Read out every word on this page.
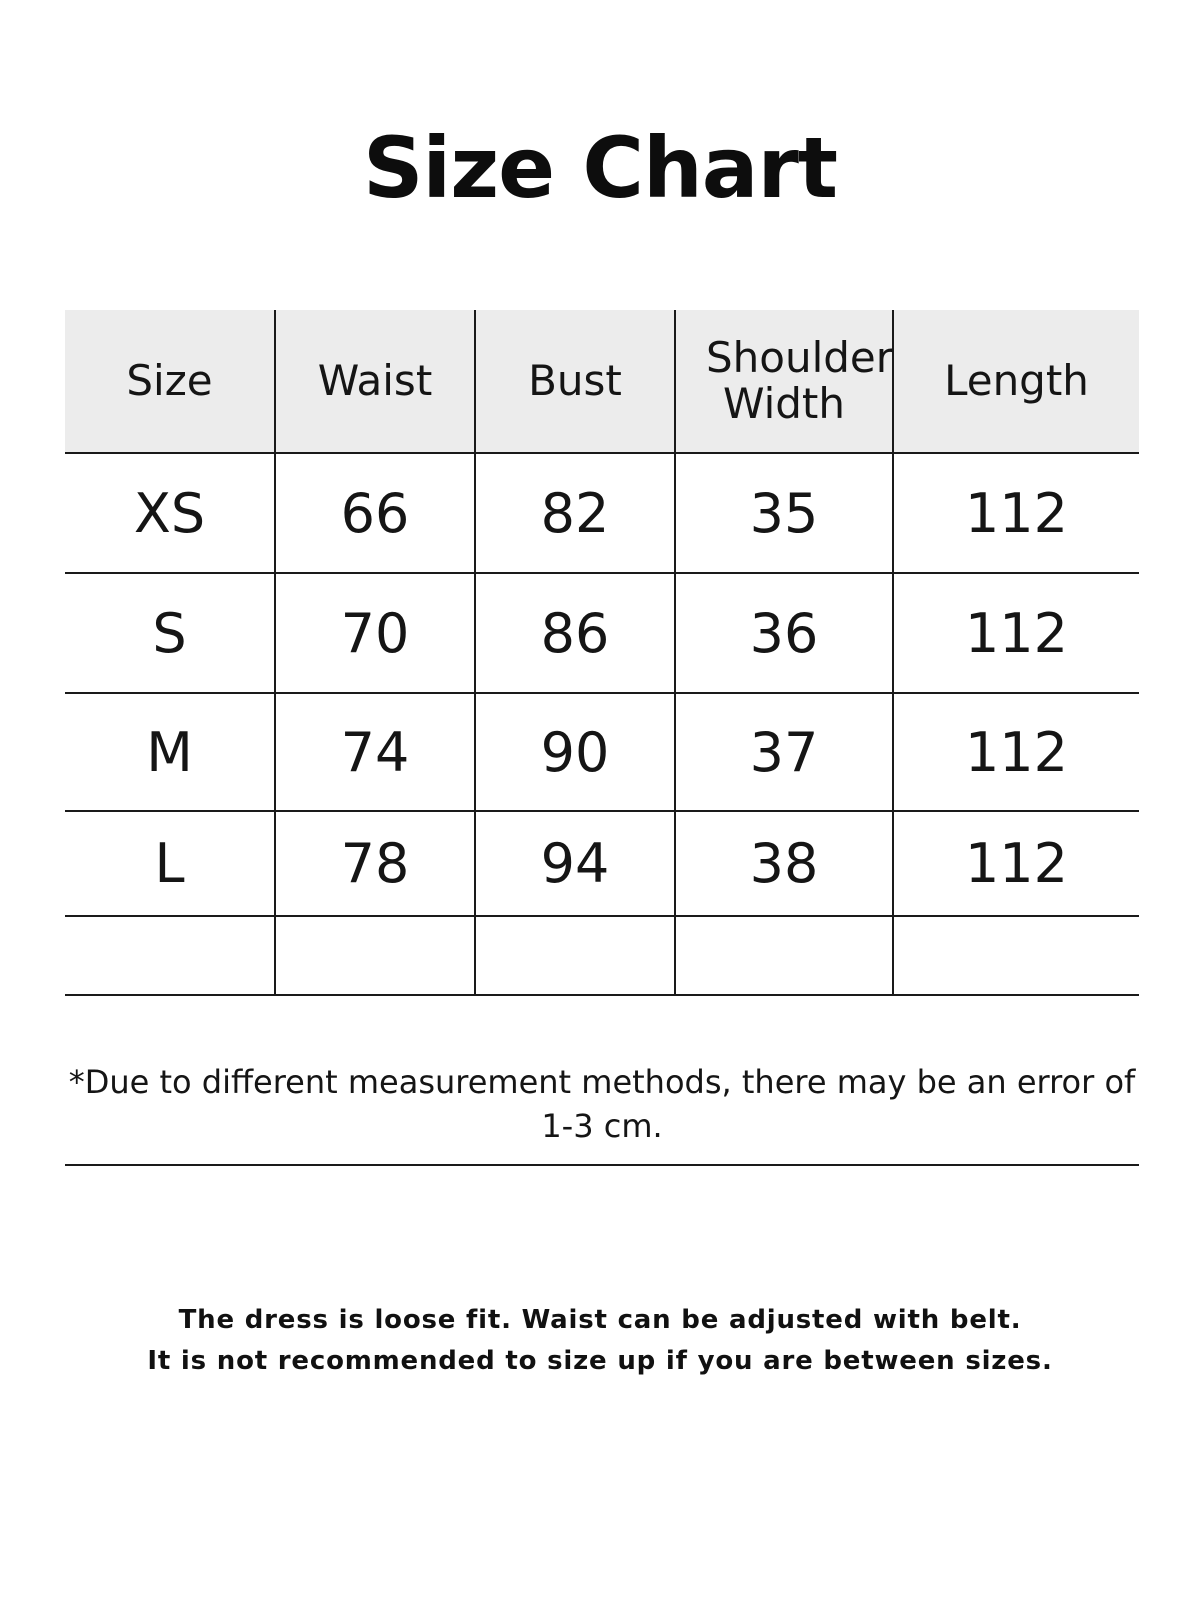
Size Chart
Size	Waist	Bust	Shoulder Width	Length
XS	66	82	35	112
S	70	86	36	112
M	74	90	37	112
L	78	94	38	112

*Due to different measurement methods, there may be an error of 1-3 cm.
The dress is loose fit. Waist can be adjusted with belt.
It is not recommended to size up if you are between sizes.
